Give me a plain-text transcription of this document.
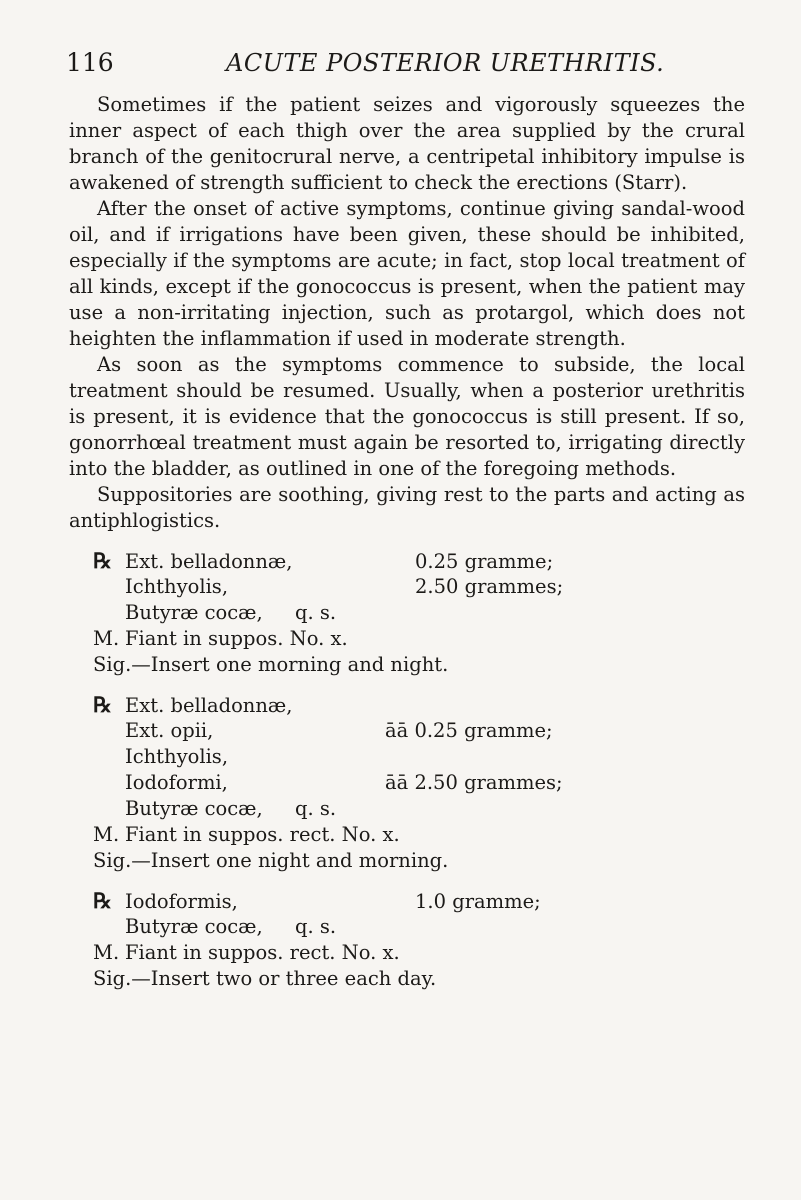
116	ACUTE POSTERIOR URETHRITIS.

Sometimes if the patient seizes and vigorously squeezes the inner aspect of each thigh over the area supplied by the crural branch of the genitocrural nerve, a centripetal inhibitory impulse is awakened of strength sufficient to check the erections (Starr).

After the onset of active symptoms, continue giving sandal-wood oil, and if irrigations have been given, these should be inhibited, especially if the symptoms are acute; in fact, stop local treatment of all kinds, except if the gonococcus is present, when the patient may use a non-irritating injection, such as protargol, which does not heighten the inflammation if used in moderate strength.

As soon as the symptoms commence to subside, the local treatment should be resumed. Usually, when a posterior urethritis is present, it is evidence that the gonococcus is still present. If so, gonorrhœal treatment must again be resorted to, irrigating directly into the bladder, as outlined in one of the foregoing methods.

Suppositories are soothing, giving rest to the parts and acting as antiphlogistics.

℞ Ext. belladonnæ,	0.25 gramme;
Ichthyolis,	2.50 grammes;
Butyræ cocæ,	q. s.
M. Fiant in suppos. No. x.
Sig. —Insert one morning and night.
℞ Ext. belladonnæ,
Ext. opii,	āā 0.25 gramme;
Ichthyolis,
Iodoformi,	āā 2.50 grammes;
Butyræ cocæ,	q. s.
M. Fiant in suppos. rect. No. x.
Sig. —Insert one night and morning.
℞ Iodoformis,	1.0 gramme;
Butyræ cocæ,	q. s.
M. Fiant in suppos. rect. No. x.
Sig. —Insert two or three each day.
